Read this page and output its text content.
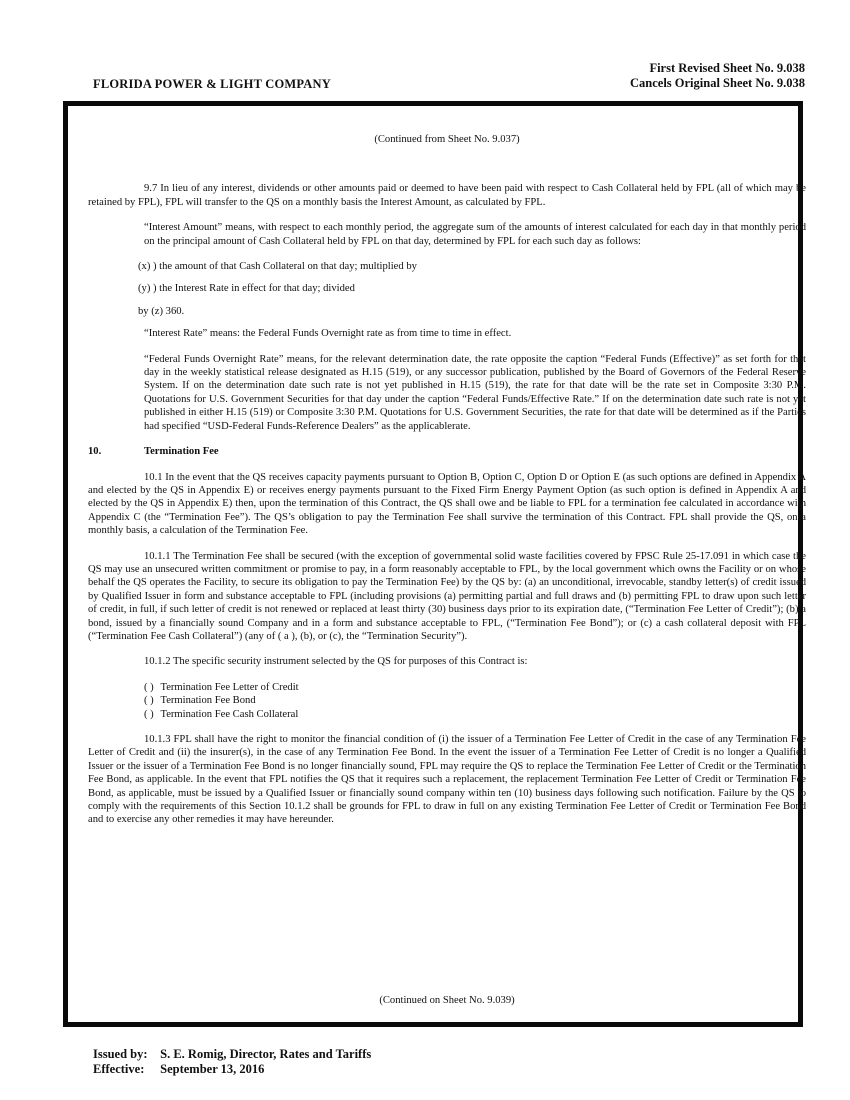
FLORIDA POWER & LIGHT COMPANY
First Revised Sheet No. 9.038
Cancels Original Sheet No. 9.038

(Continued from Sheet No. 9.037)

9.7 In lieu of any interest, dividends or other amounts paid or deemed to have been paid with respect to Cash Collateral held by FPL (all of which may be retained by FPL), FPL will transfer to the QS on a monthly basis the Interest Amount, as calculated by FPL.

“Interest Amount” means, with respect to each monthly period, the aggregate sum of the amounts of interest calculated for each day in that monthly period on the principal amount of Cash Collateral held by FPL on that day, determined by FPL for each such day as follows:

(x) ) the amount of that Cash Collateral on that day; multiplied by

(y) ) the Interest Rate in effect for that day; divided

by (z) 360.

“Interest Rate” means: the Federal Funds Overnight rate as from time to time in effect.

“Federal Funds Overnight Rate” means, for the relevant determination date, the rate opposite the caption “Federal Funds (Effective)” as set forth for that day in the weekly statistical release designated as H.15 (519), or any successor publication, published by the Board of Governors of the Federal Reserve System. If on the determination date such rate is not yet published in H.15 (519), the rate for that date will be the rate set in Composite 3:30 P.M. Quotations for U.S. Government Securities for that day under the caption “Federal Funds/Effective Rate.” If on the determination date such rate is not yet published in either H.15 (519) or Composite 3:30 P.M. Quotations for U.S. Government Securities, the rate for that date will be determined as if the Parties had specified “USD-Federal Funds-Reference Dealers” as the applicablerate.

10.	Termination Fee

10.1 In the event that the QS receives capacity payments pursuant to Option B, Option C, Option D or Option E (as such options are defined in Appendix A and elected by the QS in Appendix E) or receives energy payments pursuant to the Fixed Firm Energy Payment Option (as such option is defined in Appendix A and elected by the QS in Appendix E) then, upon the termination of this Contract, the QS shall owe and be liable to FPL for a termination fee calculated in accordance with Appendix C (the “Termination Fee”). The QS’s obligation to pay the Termination Fee shall survive the termination of this Contract. FPL shall provide the QS, on a monthly basis, a calculation of the Termination Fee.

10.1.1 The Termination Fee shall be secured (with the exception of governmental solid waste facilities covered by FPSC Rule 25-17.091 in which case the QS may use an unsecured written commitment or promise to pay, in a form reasonably acceptable to FPL, by the local government which owns the Facility or on whose behalf the QS operates the Facility, to secure its obligation to pay the Termination Fee) by the QS by: (a) an unconditional, irrevocable, standby letter(s) of credit issued by Qualified Issuer in form and substance acceptable to FPL (including provisions (a) permitting partial and full draws and (b) permitting FPL to draw upon such letter of credit, in full, if such letter of credit is not renewed or replaced at least thirty (30) business days prior to its expiration date, (“Termination Fee Letter of Credit”); (b) a bond, issued by a financially sound Company and in a form and substance acceptable to FPL, (“Termination Fee Bond”); or (c) a cash collateral deposit with FPL (“Termination Fee Cash Collateral”) (any of ( a ), (b), or (c), the “Termination Security”).

10.1.2 The specific security instrument selected by the QS for purposes of this Contract is:

( ) Termination Fee Letter of Credit
( ) Termination Fee Bond
( ) Termination Fee Cash Collateral

10.1.3 FPL shall have the right to monitor the financial condition of (i) the issuer of a Termination Fee Letter of Credit in the case of any Termination Fee Letter of Credit and (ii) the insurer(s), in the case of any Termination Fee Bond. In the event the issuer of a Termination Fee Letter of Credit is no longer a Qualified Issuer or the issuer of a Termination Fee Bond is no longer financially sound, FPL may require the QS to replace the Termination Fee Letter of Credit or the Termination Fee Bond, as applicable. In the event that FPL notifies the QS that it requires such a replacement, the replacement Termination Fee Letter of Credit or Termination Fee Bond, as applicable, must be issued by a Qualified Issuer or financially sound company within ten (10) business days following such notification. Failure by the QS to comply with the requirements of this Section 10.1.2 shall be grounds for FPL to draw in full on any existing Termination Fee Letter of Credit or Termination Fee Bond and to exercise any other remedies it may have hereunder.

(Continued on Sheet No. 9.039)
Issued by: S. E. Romig, Director, Rates and Tariffs
Effective: September 13, 2016
